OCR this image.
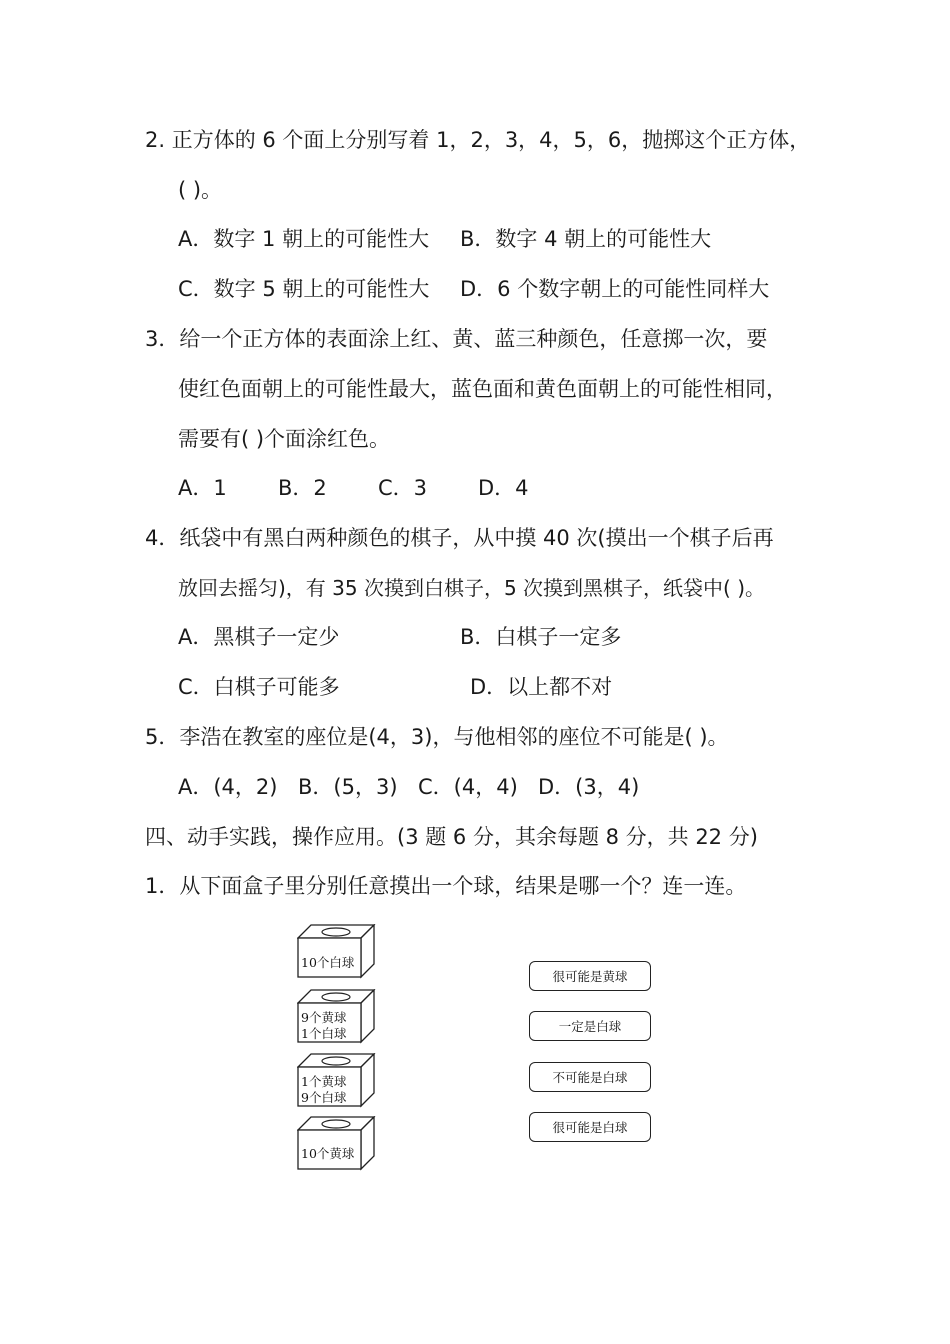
2. 正方体的 6 个面上分别写着 1，2，3，4，5，6，抛掷这个正方体，
( )。
A．数字 1 朝上的可能性大 B．数字 4 朝上的可能性大
C．数字 5 朝上的可能性大 D．6 个数字朝上的可能性同样大
3．给一个正方体的表面涂上红、黄、蓝三种颜色，任意掷一次，要
使红色面朝上的可能性最大，蓝色面和黄色面朝上的可能性相同，
需要有( )个面涂红色。
A．1 B．2 C．3 D．4
4．纸袋中有黑白两种颜色的棋子，从中摸 40 次(摸出一个棋子后再
放回去摇匀)，有 35 次摸到白棋子，5 次摸到黑棋子，纸袋中( )。
A．黑棋子一定少	B．白棋子一定多
C．白棋子可能多	D．以上都不对
5．李浩在教室的座位是(4，3)，与他相邻的座位不可能是( )。
A．(4，2) B．(5，3) C．(4，4) D．(3，4)
四、动手实践，操作应用。(3 题 6 分，其余每题 8 分，共 22 分)
1．从下面盒子里分别任意摸出一个球，结果是哪一个？连一连。
10个白球
9个黄球
1个白球
1个黄球
9个白球
10个黄球
很可能是黄球
一定是白球
不可能是白球
很可能是白球
